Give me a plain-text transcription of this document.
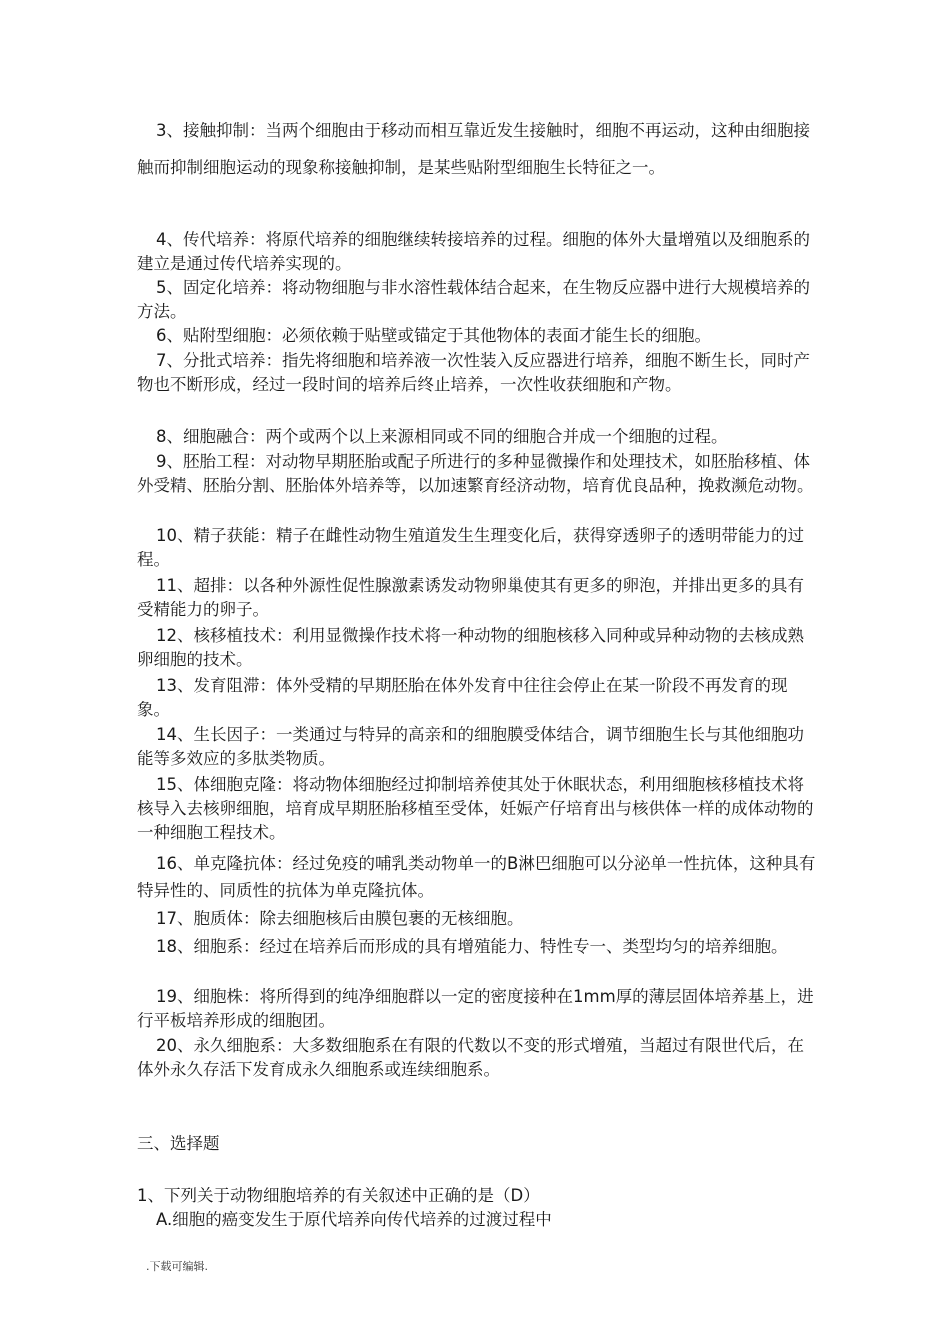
3、接触抑制：当两个细胞由于移动而相互靠近发生接触时，细胞不再运动，这种由细胞接触而抑制细胞运动的现象称接触抑制，是某些贴附型细胞生长特征之一。

4、传代培养：将原代培养的细胞继续转接培养的过程。细胞的体外大量增殖以及细胞系的建立是通过传代培养实现的。

5、固定化培养：将动物细胞与非水溶性载体结合起来，在生物反应器中进行大规模培养的方法。

6、贴附型细胞：必须依赖于贴壁或锚定于其他物体的表面才能生长的细胞。

7、分批式培养：指先将细胞和培养液一次性装入反应器进行培养，细胞不断生长，同时产物也不断形成，经过一段时间的培养后终止培养，一次性收获细胞和产物。

8、细胞融合：两个或两个以上来源相同或不同的细胞合并成一个细胞的过程。

9、胚胎工程：对动物早期胚胎或配子所进行的多种显微操作和处理技术，如胚胎移植、体外受精、胚胎分割、胚胎体外培养等，以加速繁育经济动物，培育优良品种，挽救濒危动物。

10、精子获能：精子在雌性动物生殖道发生生理变化后，获得穿透卵子的透明带能力的过程。

11、超排：以各种外源性促性腺激素诱发动物卵巢使其有更多的卵泡，并排出更多的具有受精能力的卵子。

12、核移植技术：利用显微操作技术将一种动物的细胞核移入同种或异种动物的去核成熟卵细胞的技术。

13、发育阻滞：体外受精的早期胚胎在体外发育中往往会停止在某一阶段不再发育的现象。

14、生长因子：一类通过与特异的高亲和的细胞膜受体结合，调节细胞生长与其他细胞功能等多效应的多肽类物质。

15、体细胞克隆：将动物体细胞经过抑制培养使其处于休眠状态，利用细胞核移植技术将核导入去核卵细胞，培育成早期胚胎移植至受体，妊娠产仔培育出与核供体一样的成体动物的一种细胞工程技术。

16、单克隆抗体：经过免疫的哺乳类动物单一的B淋巴细胞可以分泌单一性抗体，这种具有特异性的、同质性的抗体为单克隆抗体。

17、胞质体：除去细胞核后由膜包裹的无核细胞。

18、细胞系：经过在培养后而形成的具有增殖能力、特性专一、类型均匀的培养细胞。

19、细胞株：将所得到的纯净细胞群以一定的密度接种在1mm厚的薄层固体培养基上，进行平板培养形成的细胞团。

20、永久细胞系：大多数细胞系在有限的代数以不变的形式增殖，当超过有限世代后，在体外永久存活下发育成永久细胞系或连续细胞系。

三、选择题
1、下列关于动物细胞培养的有关叙述中正确的是（D）
A.细胞的癌变发生于原代培养向传代培养的过渡过程中
.下载可编辑.
